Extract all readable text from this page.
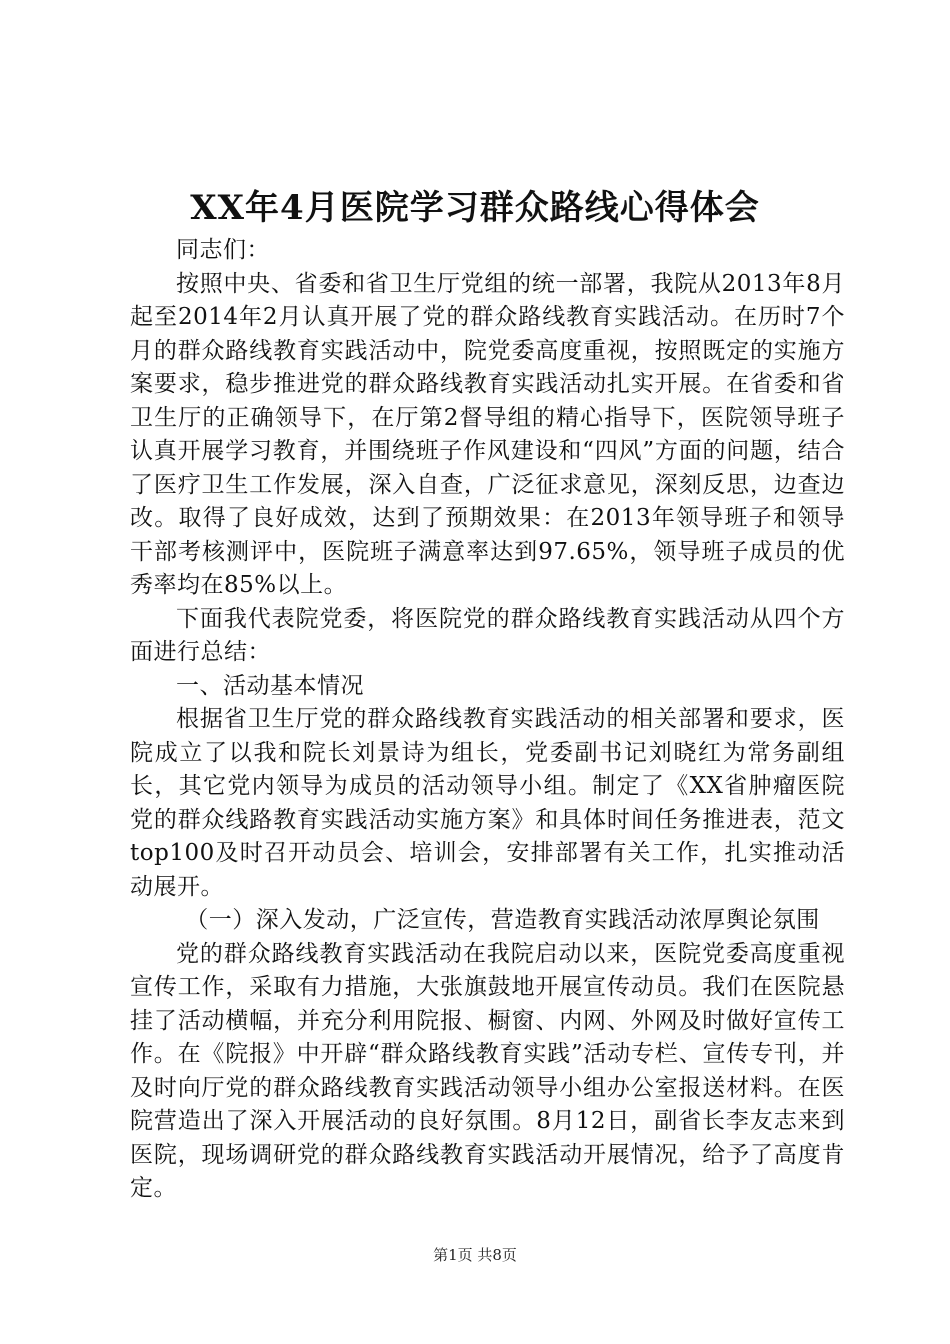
XX年4月医院学习群众路线心得体会

同志们：

按照中央、省委和省卫生厅党组的统一部署，我院从2013年8月起至2014年2月认真开展了党的群众路线教育实践活动。在历时7个月的群众路线教育实践活动中，院党委高度重视，按照既定的实施方案要求，稳步推进党的群众路线教育实践活动扎实开展。在省委和省卫生厅的正确领导下，在厅第2督导组的精心指导下，医院领导班子认真开展学习教育，并围绕班子作风建设和“四风”方面的问题，结合了医疗卫生工作发展，深入自查，广泛征求意见，深刻反思，边查边改。取得了良好成效，达到了预期效果：在2013年领导班子和领导干部考核测评中，医院班子满意率达到97.65%，领导班子成员的优秀率均在85%以上。

下面我代表院党委，将医院党的群众路线教育实践活动从四个方面进行总结：

一、活动基本情况

根据省卫生厅党的群众路线教育实践活动的相关部署和要求，医院成立了以我和院长刘景诗为组长，党委副书记刘晓红为常务副组长，其它党内领导为成员的活动领导小组。制定了《XX省肿瘤医院党的群众线路教育实践活动实施方案》和具体时间任务推进表，范文top100及时召开动员会、培训会，安排部署有关工作，扎实推动活动展开。

（一）深入发动，广泛宣传，营造教育实践活动浓厚舆论氛围

党的群众路线教育实践活动在我院启动以来，医院党委高度重视宣传工作，采取有力措施，大张旗鼓地开展宣传动员。我们在医院悬挂了活动横幅，并充分利用院报、橱窗、内网、外网及时做好宣传工作。在《院报》中开辟“群众路线教育实践”活动专栏、宣传专刊，并及时向厅党的群众路线教育实践活动领导小组办公室报送材料。在医院营造出了深入开展活动的良好氛围。8月12日，副省长李友志来到医院，现场调研党的群众路线教育实践活动开展情况，给予了高度肯定。

第1页 共8页
